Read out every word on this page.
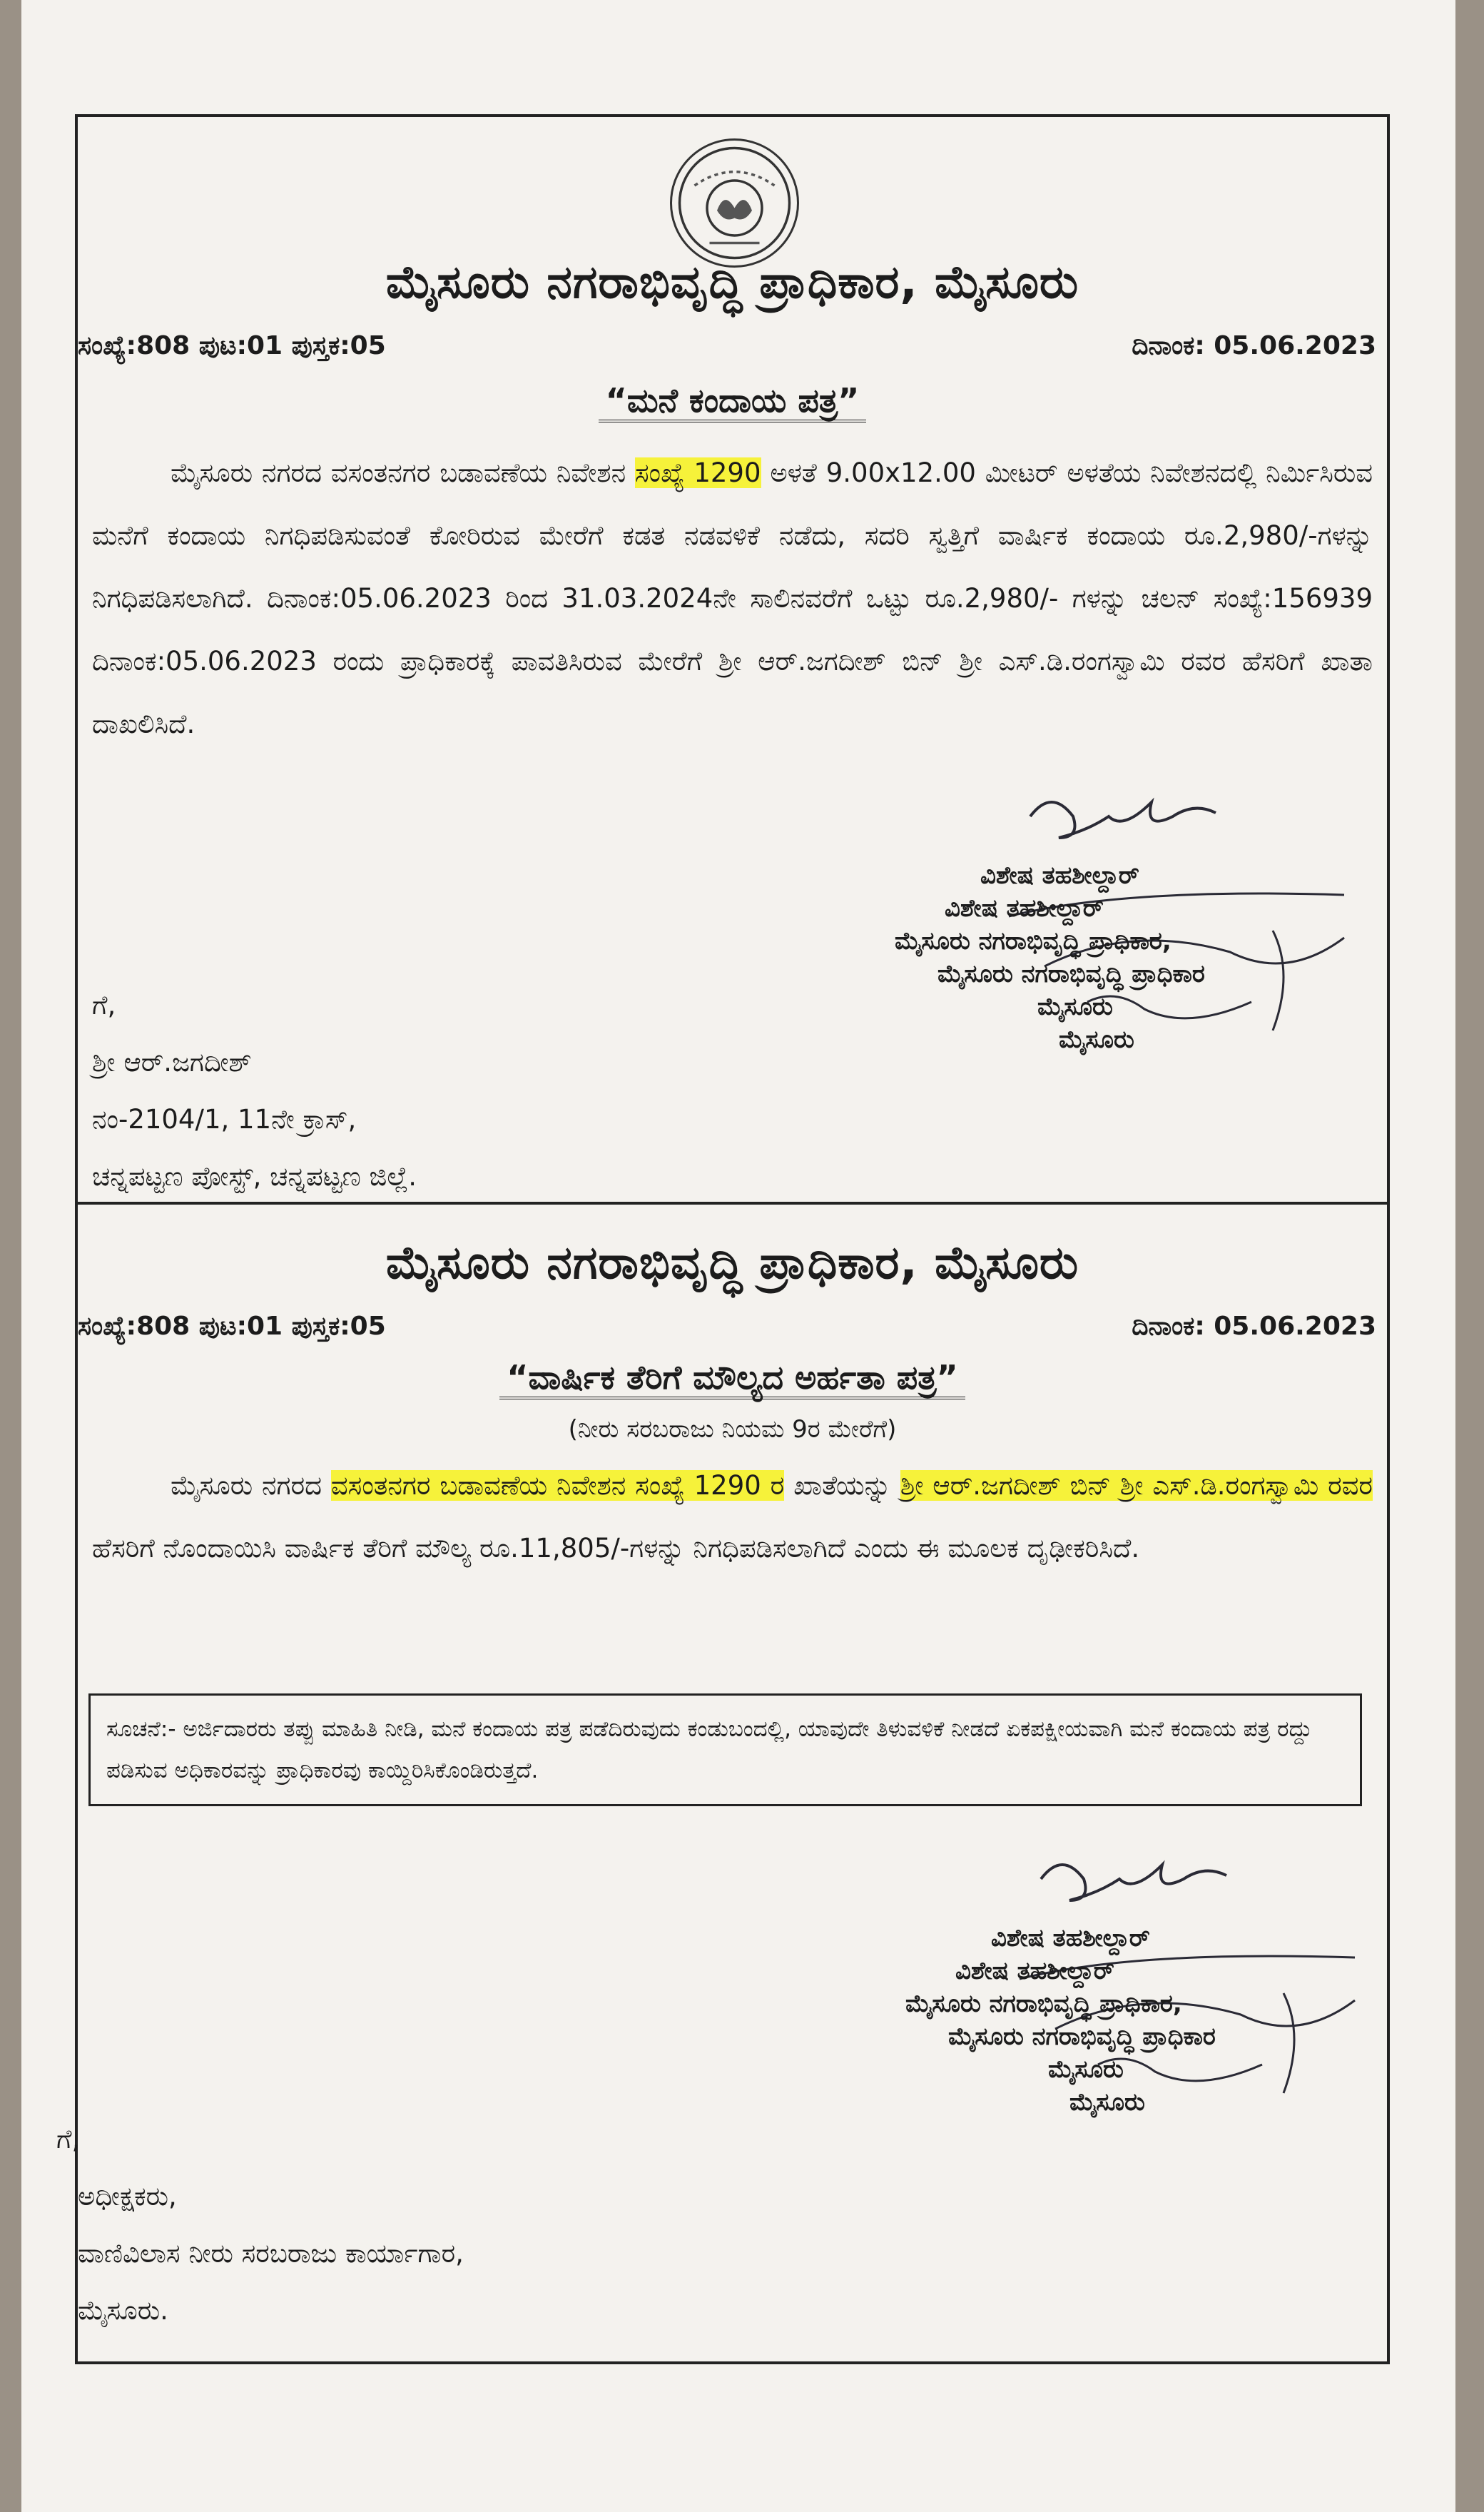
ಮೈಸೂರು ನಗರಾಭಿವೃದ್ಧಿ ಪ್ರಾಧಿಕಾರ, ಮೈಸೂರು
ಸಂಖ್ಯೆ:808 ಪುಟ:01 ಪುಸ್ತಕ:05	ದಿನಾಂಕ: 05.06.2023
“ಮನೆ ಕಂದಾಯ ಪತ್ರ”
ಮೈಸೂರು ನಗರದ ವಸಂತನಗರ ಬಡಾವಣೆಯ ನಿವೇಶನ ಸಂಖ್ಯೆ 1290 ಅಳತೆ 9.00x12.00 ಮೀಟರ್ ಅಳತೆಯ ನಿವೇಶನದಲ್ಲಿ ನಿರ್ಮಿಸಿರುವ ಮನೆಗೆ ಕಂದಾಯ ನಿಗಧಿಪಡಿಸುವಂತೆ ಕೋರಿರುವ ಮೇರೆಗೆ ಕಡತ ನಡವಳಿಕೆ ನಡೆದು, ಸದರಿ ಸ್ವತ್ತಿಗೆ ವಾರ್ಷಿಕ ಕಂದಾಯ ರೂ.2,980/-ಗಳನ್ನು ನಿಗಧಿಪಡಿಸಲಾಗಿದೆ. ದಿನಾಂಕ:05.06.2023 ರಿಂದ 31.03.2024ನೇ ಸಾಲಿನವರೆಗೆ ಒಟ್ಟು ರೂ.2,980/- ಗಳನ್ನು ಚಲನ್ ಸಂಖ್ಯೆ:156939 ದಿನಾಂಕ:05.06.2023 ರಂದು ಪ್ರಾಧಿಕಾರಕ್ಕೆ ಪಾವತಿಸಿರುವ ಮೇರೆಗೆ ಶ್ರೀ ಆರ್.ಜಗದೀಶ್ ಬಿನ್ ಶ್ರೀ ಎಸ್.ಡಿ.ರಂಗಸ್ವಾಮಿ ರವರ ಹೆಸರಿಗೆ ಖಾತಾ ದಾಖಲಿಸಿದೆ.
ವಿಶೇಷ ತಹಶೀಲ್ದಾರ್
ವಿಶೇಷ ತಹಶೀಲ್ದಾರ್
ಮೈಸೂರು ನಗರಾಭಿವೃದ್ಧಿ ಪ್ರಾಧಿಕಾರ,
ಮೈಸೂರು ನಗರಾಭಿವೃದ್ಧಿ ಪ್ರಾಧಿಕಾರ
ಮೈಸೂರು
ಮೈಸೂರು
ಗೆ,
ಶ್ರೀ ಆರ್.ಜಗದೀಶ್
ನಂ-2104/1, 11ನೇ ಕ್ರಾಸ್,
ಚನ್ನಪಟ್ಟಣ ಪೋಸ್ಟ್, ಚನ್ನಪಟ್ಟಣ ಜಿಲ್ಲೆ.
ಮೈಸೂರು ನಗರಾಭಿವೃದ್ಧಿ ಪ್ರಾಧಿಕಾರ, ಮೈಸೂರು
ಸಂಖ್ಯೆ:808 ಪುಟ:01 ಪುಸ್ತಕ:05	ದಿನಾಂಕ: 05.06.2023
“ವಾರ್ಷಿಕ ತೆರಿಗೆ ಮೌಲ್ಯದ ಅರ್ಹತಾ ಪತ್ರ”
(ನೀರು ಸರಬರಾಜು ನಿಯಮ 9ರ ಮೇರೆಗೆ)
ಮೈಸೂರು ನಗರದ ವಸಂತನಗರ ಬಡಾವಣೆಯ ನಿವೇಶನ ಸಂಖ್ಯೆ 1290 ರ ಖಾತೆಯನ್ನು ಶ್ರೀ ಆರ್.ಜಗದೀಶ್ ಬಿನ್ ಶ್ರೀ ಎಸ್.ಡಿ.ರಂಗಸ್ವಾಮಿ ರವರ ಹೆಸರಿಗೆ ನೊಂದಾಯಿಸಿ ವಾರ್ಷಿಕ ತೆರಿಗೆ ಮೌಲ್ಯ ರೂ.11,805/-ಗಳನ್ನು ನಿಗಧಿಪಡಿಸಲಾಗಿದೆ ಎಂದು ಈ ಮೂಲಕ ದೃಢೀಕರಿಸಿದೆ.
ಸೂಚನೆ:- ಅರ್ಜಿದಾರರು ತಪ್ಪು ಮಾಹಿತಿ ನೀಡಿ, ಮನೆ ಕಂದಾಯ ಪತ್ರ ಪಡೆದಿರುವುದು ಕಂಡುಬಂದಲ್ಲಿ, ಯಾವುದೇ ತಿಳುವಳಿಕೆ ನೀಡದೆ ಏಕಪಕ್ಷೀಯವಾಗಿ ಮನೆ ಕಂದಾಯ ಪತ್ರ ರದ್ದು ಪಡಿಸುವ ಅಧಿಕಾರವನ್ನು ಪ್ರಾಧಿಕಾರವು ಕಾಯ್ದಿರಿಸಿಕೊಂಡಿರುತ್ತದೆ.
ವಿಶೇಷ ತಹಶೀಲ್ದಾರ್
ವಿಶೇಷ ತಹಶೀಲ್ದಾರ್
ಮೈಸೂರು ನಗರಾಭಿವೃದ್ಧಿ ಪ್ರಾಧಿಕಾರ,
ಮೈಸೂರು ನಗರಾಭಿವೃದ್ಧಿ ಪ್ರಾಧಿಕಾರ
ಮೈಸೂರು
ಮೈಸೂರು
ಗೆ,
ಅಧೀಕ್ಷಕರು,
ವಾಣಿವಿಲಾಸ ನೀರು ಸರಬರಾಜು ಕಾರ್ಯಾಗಾರ,
ಮೈಸೂರು.
